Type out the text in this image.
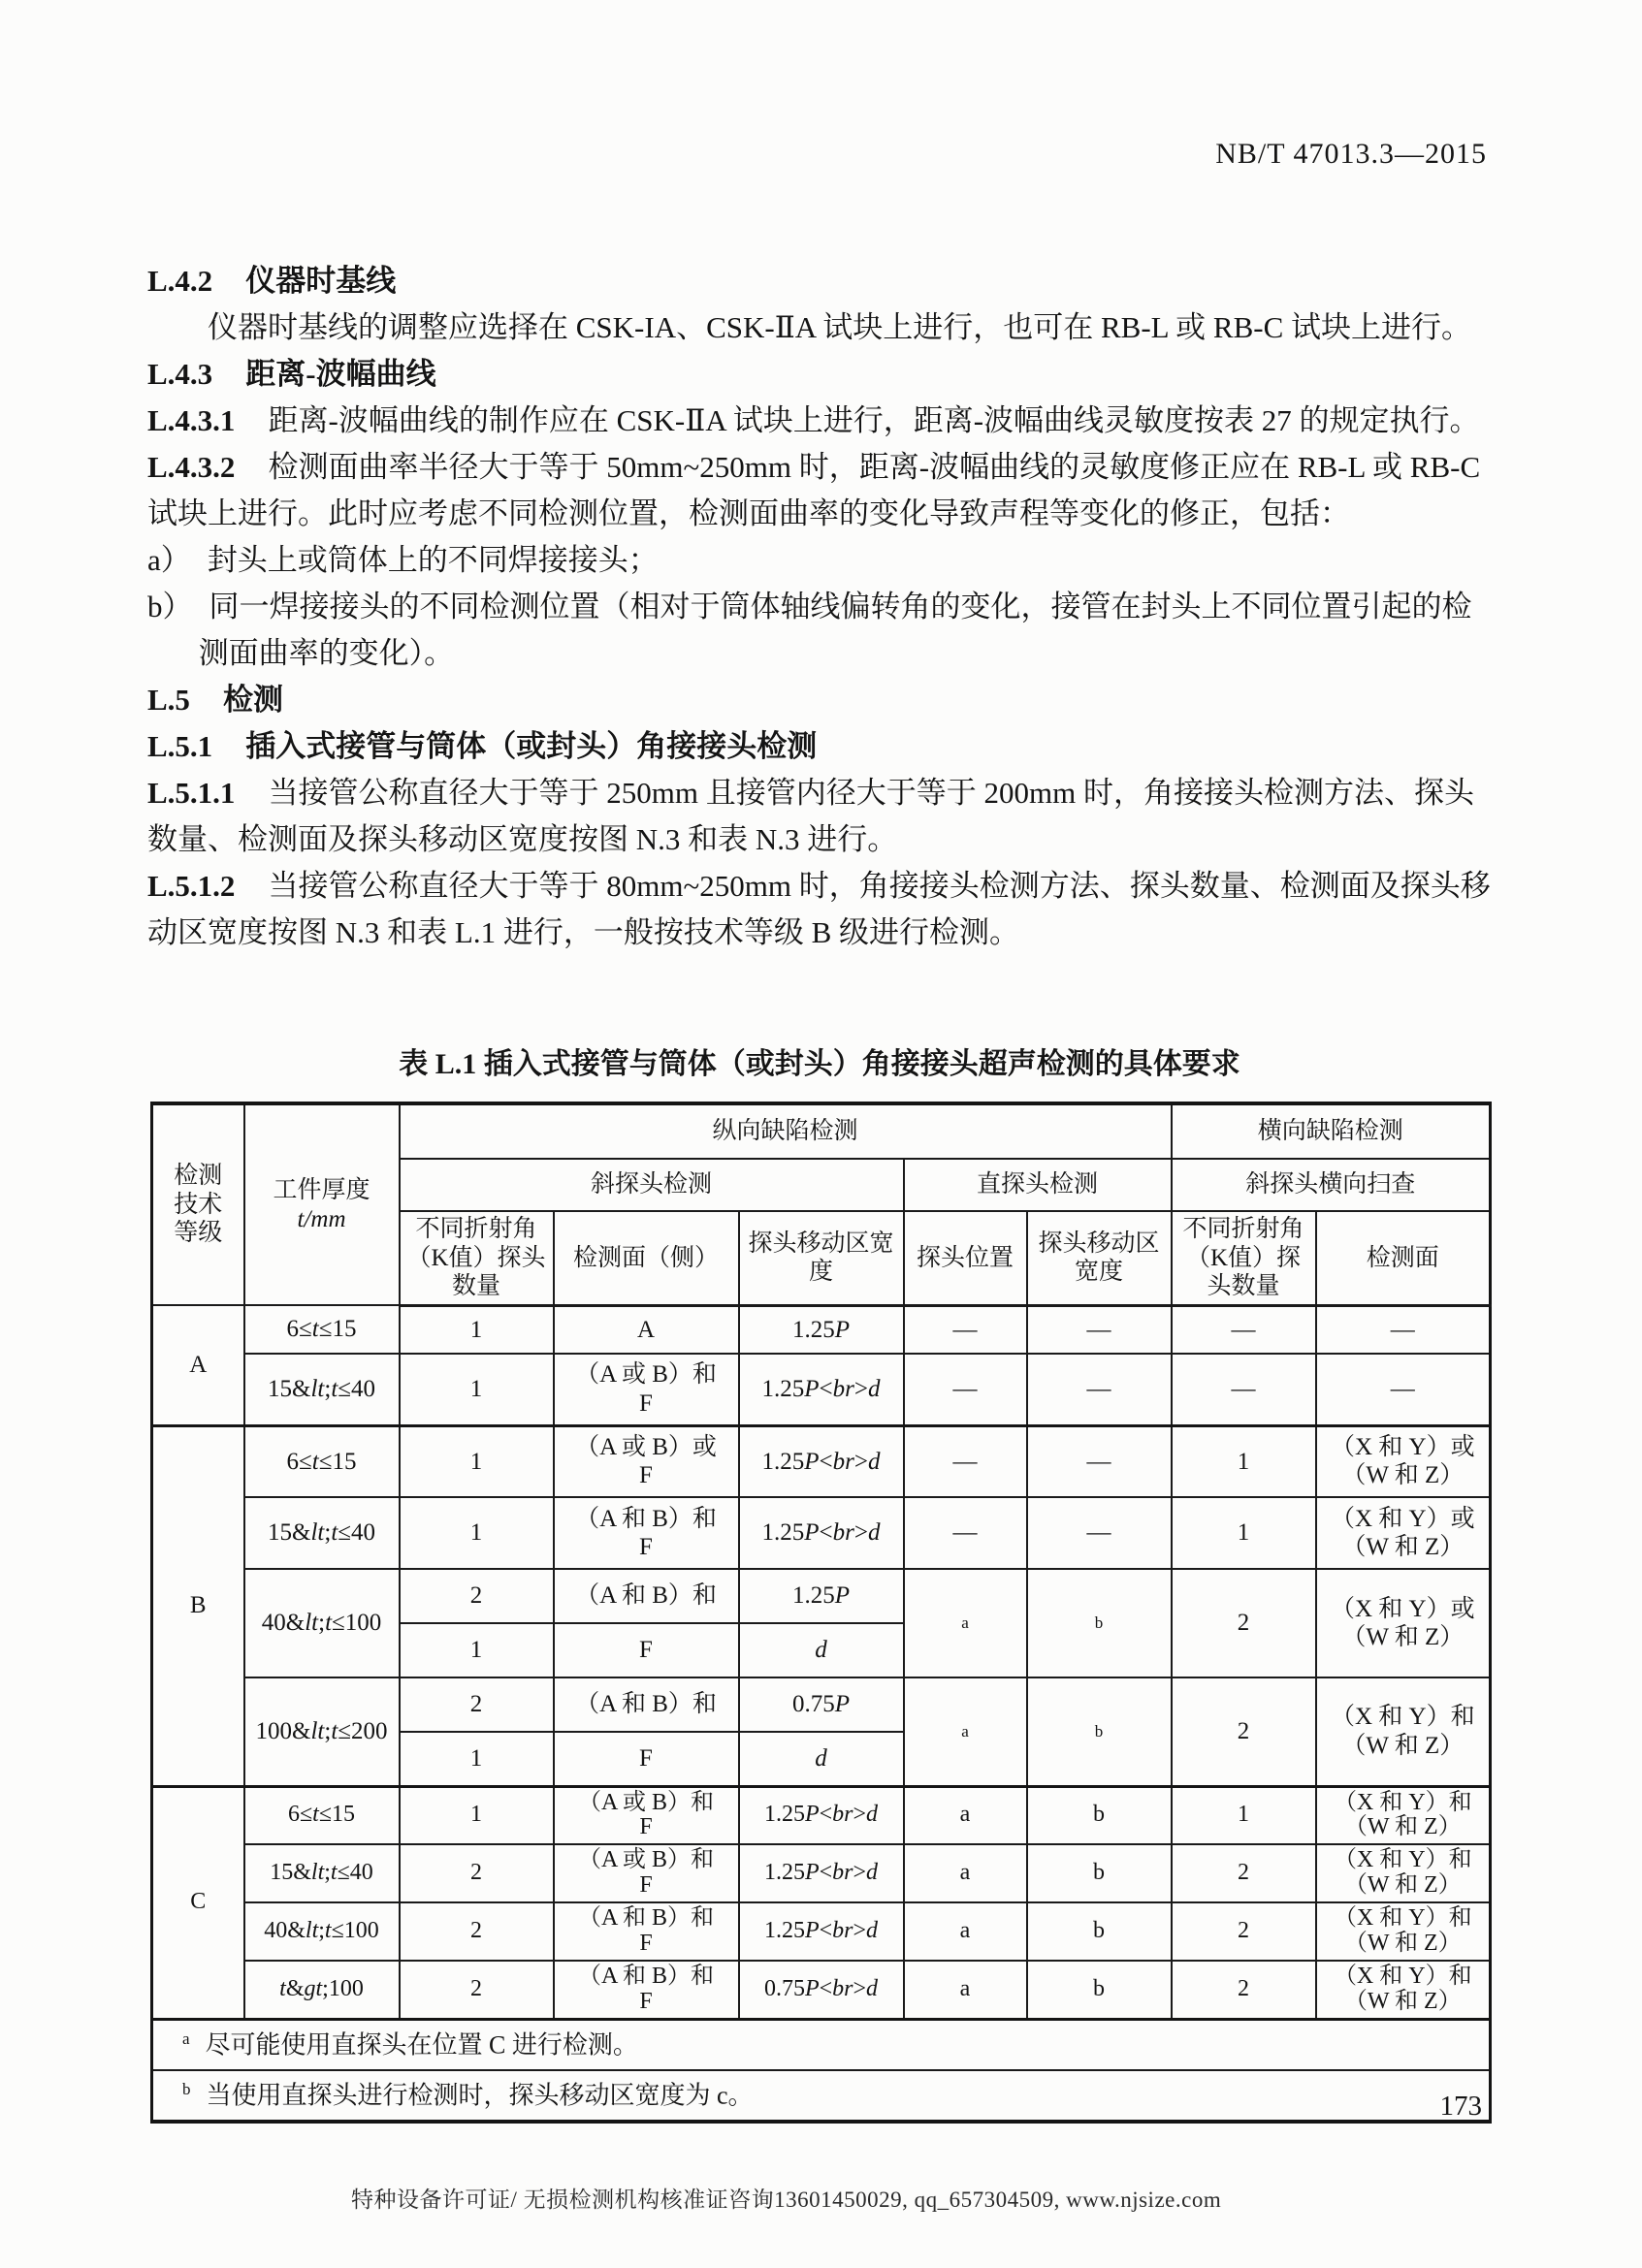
NB/T 47013.3—2015

L.4.2 仪器时基线

仪器时基线的调整应选择在 CSK-IA、CSK-ⅡA 试块上进行，也可在 RB-L 或 RB-C 试块上进行。

L.4.3 距离-波幅曲线

L.4.3.1 距离-波幅曲线的制作应在 CSK-ⅡA 试块上进行，距离-波幅曲线灵敏度按表 27 的规定执行。

L.4.3.2 检测面曲率半径大于等于 50mm~250mm 时，距离-波幅曲线的灵敏度修正应在 RB-L 或 RB-C 试块上进行。此时应考虑不同检测位置，检测面曲率的变化导致声程等变化的修正，包括：

a） 封头上或筒体上的不同焊接接头；

b） 同一焊接接头的不同检测位置（相对于筒体轴线偏转角的变化，接管在封头上不同位置引起的检测面曲率的变化）。

L.5 检测

L.5.1 插入式接管与筒体（或封头）角接接头检测

L.5.1.1 当接管公称直径大于等于 250mm 且接管内径大于等于 200mm 时，角接接头检测方法、探头数量、检测面及探头移动区宽度按图 N.3 和表 N.3 进行。

L.5.1.2 当接管公称直径大于等于 80mm~250mm 时，角接接头检测方法、探头数量、检测面及探头移动区宽度按图 N.3 和表 L.1 进行，一般按技术等级 B 级进行检测。

表 L.1 插入式接管与筒体（或封头）角接接头超声检测的具体要求
检测技术等级	工件厚度
t/mm	纵向缺陷检测					横向缺陷检测	
		斜探头检测			直探头检测		斜探头横向扫查	
		不同折射角（K值）探头数量	检测面（侧）	探头移动区宽度	探头位置	探头移动区宽度	不同折射角（K值）探头数量	检测面
A	6≤t≤15	1	A	1.25P	—	—	—	—
	15&lt;t≤40	1	（A 或 B）和
F	1.25P<br>d	—	—	—	—
B	6≤t≤15	1	（A 或 B）或
F	1.25P<br>d	—	—	1	（X 和 Y）或
（W 和 Z）
	15&lt;t≤40	1	（A 和 B）和
F	1.25P<br>d	—	—	1	（X 和 Y）或
（W 和 Z）
	40&lt;t≤100	2	（A 和 B）和	1.25P	a	b	2	（X 和 Y）或
（W 和 Z）
		1	F	d				
	100&lt;t≤200	2	（A 和 B）和	0.75P	a	b	2	（X 和 Y）和
（W 和 Z）
		1	F	d				
C	6≤t≤15	1	（A 或 B）和
F	1.25P<br>d	a	b	1	（X 和 Y）和
（W 和 Z）
	15&lt;t≤40	2	（A 或 B）和
F	1.25P<br>d	a	b	2	（X 和 Y）和
（W 和 Z）
	40&lt;t≤100	2	（A 和 B）和
F	1.25P<br>d	a	b	2	（X 和 Y）和
（W 和 Z）
	t&gt;100	2	（A 和 B）和
F	0.75P<br>d	a	b	2	（X 和 Y）和
（W 和 Z）
$^a$ 尽可能使用直探头在位置 C 进行检测。								
$^b$ 当使用直探头进行检测时，探头移动区宽度为 c。									173
特种设备许可证/ 无损检测机构核准证咨询13601450029, qq_657304509, www.njsize.com
